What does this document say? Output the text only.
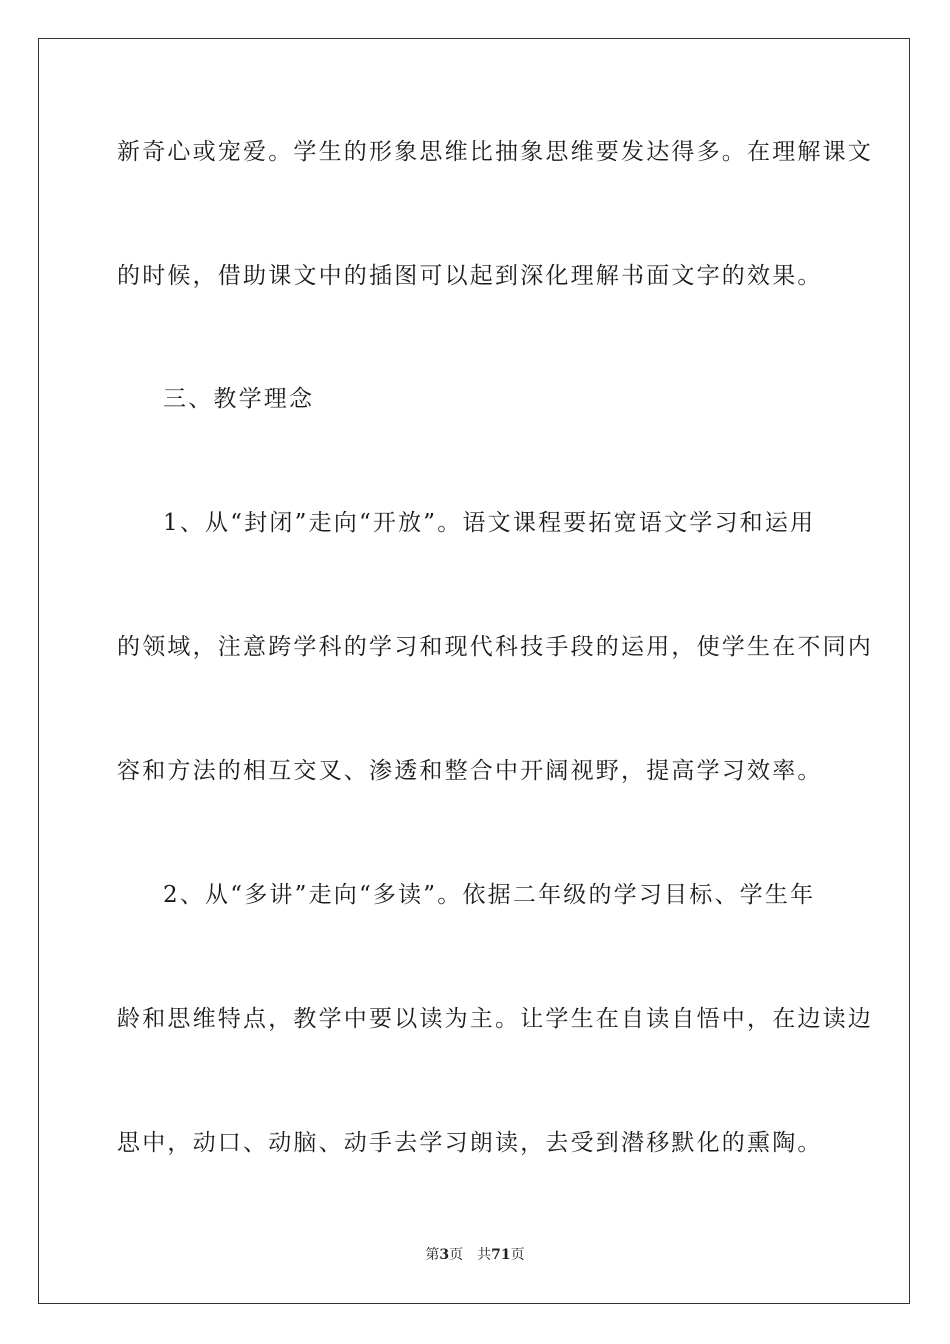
新奇心或宠爱。学生的形象思维比抽象思维要发达得多。在理解课文
的时候，借助课文中的插图可以起到深化理解书面文字的效果。
三、教学理念
1、从“封闭”走向“开放”。语文课程要拓宽语文学习和运用
的领域，注意跨学科的学习和现代科技手段的运用，使学生在不同内
容和方法的相互交叉、渗透和整合中开阔视野，提高学习效率。
2、从“多讲”走向“多读”。依据二年级的学习目标、学生年
龄和思维特点，教学中要以读为主。让学生在自读自悟中，在边读边
思中，动口、动脑、动手去学习朗读，去受到潜移默化的熏陶。
第3页 共71页
